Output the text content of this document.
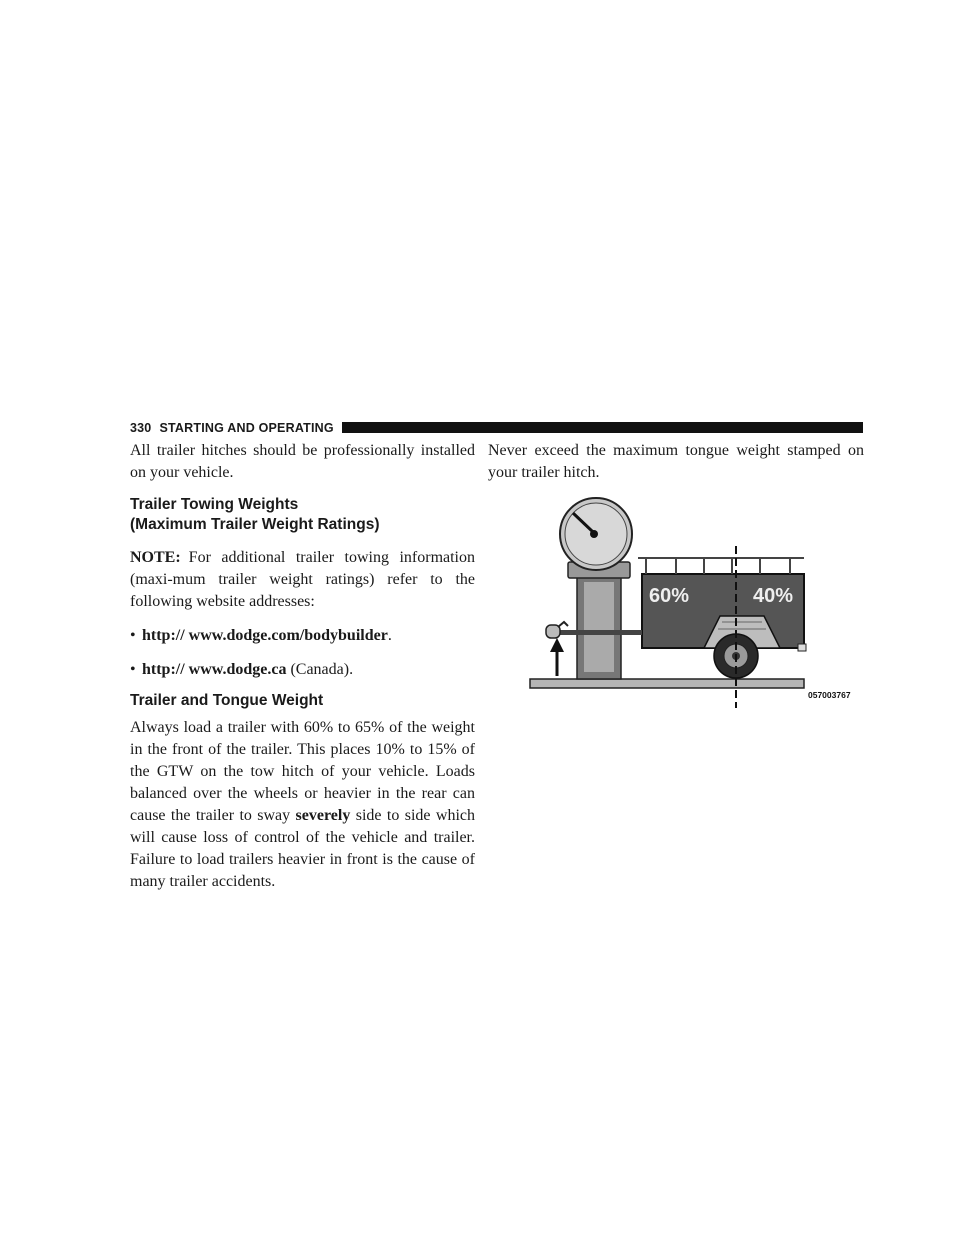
330 STARTING AND OPERATING

All trailer hitches should be professionally installed on your vehicle.

Trailer Towing Weights
(Maximum Trailer Weight Ratings)

NOTE: For additional trailer towing information (maxi-mum trailer weight ratings) refer to the following website addresses:

• http:// www.dodge.com/bodybuilder.
• http:// www.dodge.ca (Canada).
Trailer and Tongue Weight

Always load a trailer with 60% to 65% of the weight in the front of the trailer. This places 10% to 15% of the GTW on the tow hitch of your vehicle. Loads balanced over the wheels or heavier in the rear can cause the trailer to sway severely side to side which will cause loss of control of the vehicle and trailer. Failure to load trailers heavier in front is the cause of many trailer accidents.

Never exceed the maximum tongue weight stamped on your trailer hitch.

60%	40%
057003767
